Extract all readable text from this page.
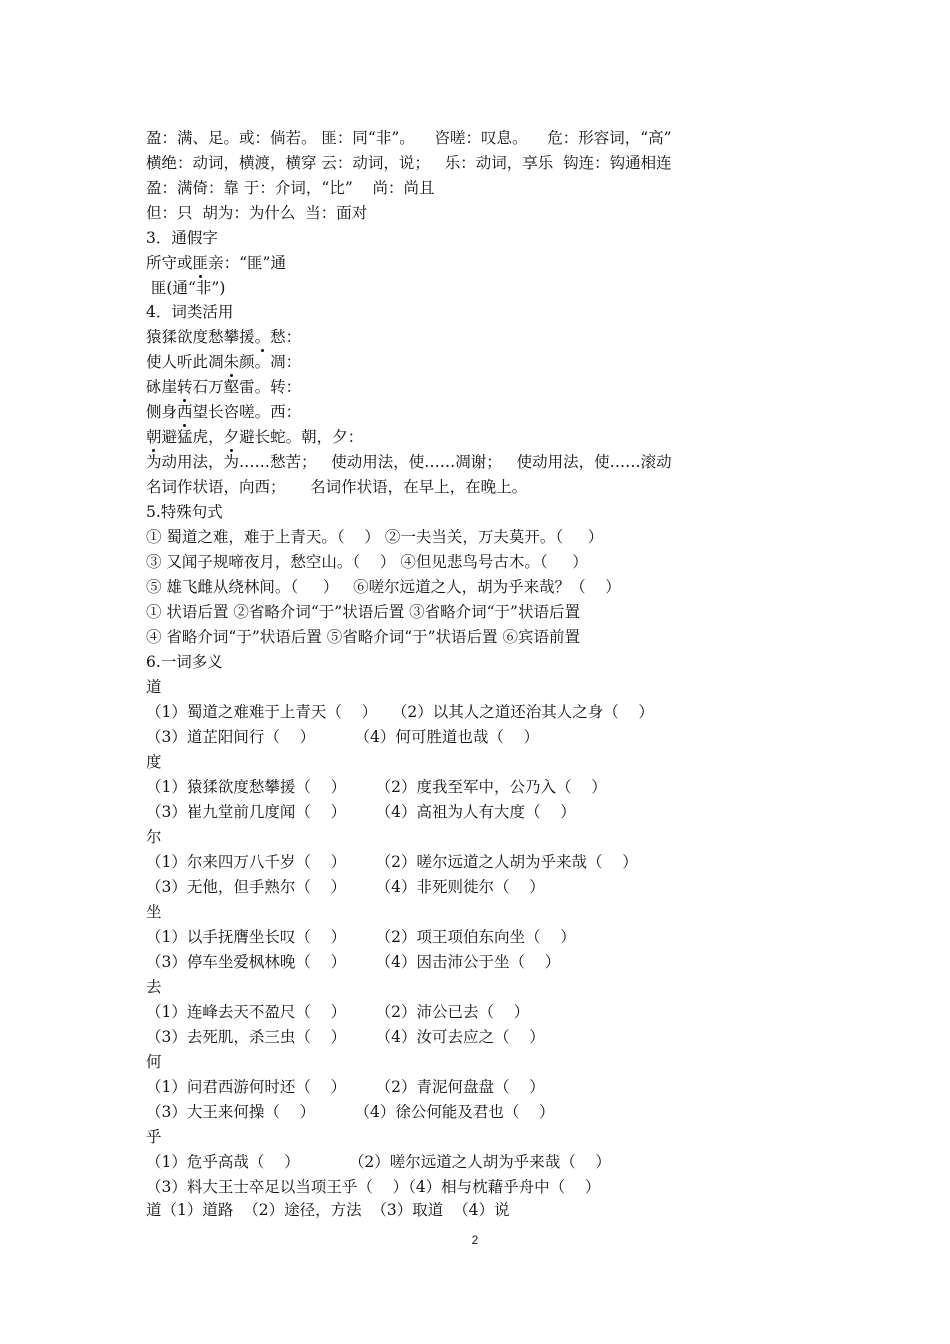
盈：满、足。或：倘若。 匪：同“非”。    咨嗟：叹息。    危：形容词，“高”
横绝：动词，横渡，横穿 云：动词，说；   乐：动词，享乐  钩连：钩通相连
盈：满倚：靠 于：介词，“比”    尚：尚且
但：只  胡为：为什么  当：面对
3．通假字
所守或匪亲：“匪”通
匪(通“非”)
4．词类活用
猿猱欲度愁攀援。愁：
使人听此凋朱颜。凋：
砯崖转石万壑雷。转：
侧身西望长咨嗟。西：
朝避猛虎，夕避长蛇。朝，夕：
为动用法，为……愁苦；   使动用法，使……凋谢；   使动用法，使……滚动
名词作状语，向西；     名词作状语，在早上，在晚上。
5.特殊句式
① 蜀道之难，难于上青天。（    ） ②一夫当关，万夫莫开。（     ）
③ 又闻子规啼夜月，愁空山。（    ） ④但见悲鸟号古木。（     ）
⑤ 雄飞雌从绕林间。（     ）   ⑥嗟尔远道之人，胡为乎来哉？（    ）
① 状语后置 ②省略介词“于”状语后置 ③省略介词“于”状语后置
④ 省略介词“于”状语后置 ⑤省略介词“于”状语后置 ⑥宾语前置
6.一词多义
道
（1）蜀道之难难于上青天（    ）   （2）以其人之道还治其人之身（    ）
（3）道芷阳间行（    ）        （4）何可胜道也哉（    ）
度
（1）猿猱欲度愁攀援（    ）      （2）度我至军中，公乃入（    ）
（3）崔九堂前几度闻（    ）      （4）高祖为人有大度（    ）
尔
（1）尔来四万八千岁（    ）      （2）嗟尔远道之人胡为乎来哉（    ）
（3）无他，但手熟尔（    ）      （4）非死则徙尔（    ）
坐
（1）以手抚膺坐长叹（    ）      （2）项王项伯东向坐（    ）
（3）停车坐爱枫林晚（    ）      （4）因击沛公于坐（    ）
去
（1）连峰去天不盈尺（    ）      （2）沛公已去（    ）
（3）去死肌，杀三虫（    ）      （4）汝可去应之（    ）
何
（1）问君西游何时还（    ）      （2）青泥何盘盘（    ）
（3）大王来何操（    ）        （4）徐公何能及君也（    ）
乎
（1）危乎高哉（    ）          （2）嗟尔远道之人胡为乎来哉（    ）
（3）料大王士卒足以当项王乎（    ）（4）相与枕藉乎舟中（    ）
道（1）道路  （2）途径，方法  （3）取道  （4）说
2
